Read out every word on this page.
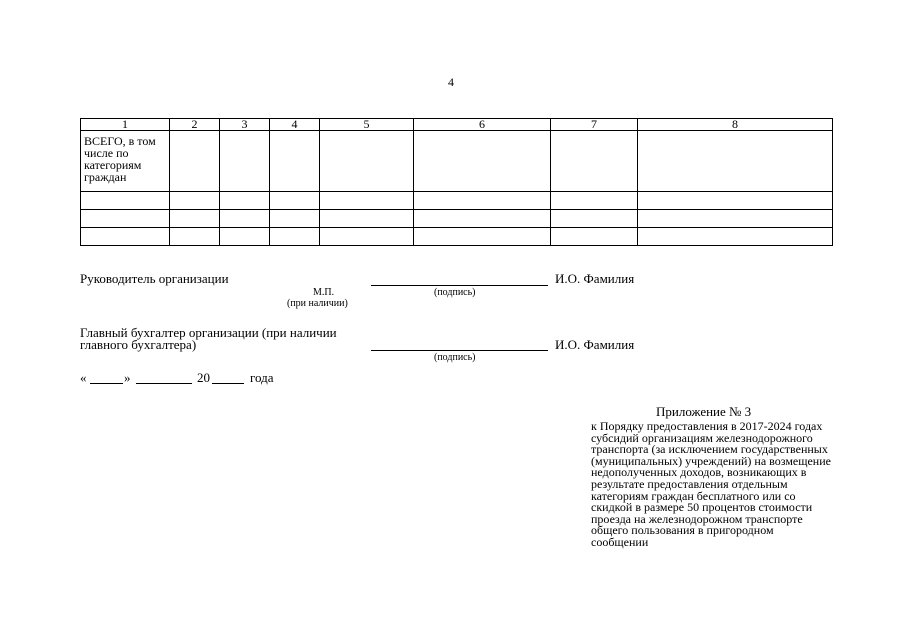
4
1	2	3	4	5	6	7	8
ВСЕГО, в том числе по категориям граждан							

Руководитель организации
М.П.
(при наличии)
(подпись)
И.О. Фамилия
Главный бухгалтер организации (при наличии
главного бухгалтера)
(подпись)
И.О. Фамилия
«	»	20	года
Приложение № 3
к Порядку предоставления в 2017-2024 годах субсидий организациям железнодорожного транспорта (за исключением государственных (муниципальных) учреждений) на возмещение недополученных доходов, возникающих в результате предоставления отдельным категориям граждан бесплатного или со скидкой в размере 50 процентов стоимости проезда на железнодорожном транспорте общего пользования в пригородном сообщении
